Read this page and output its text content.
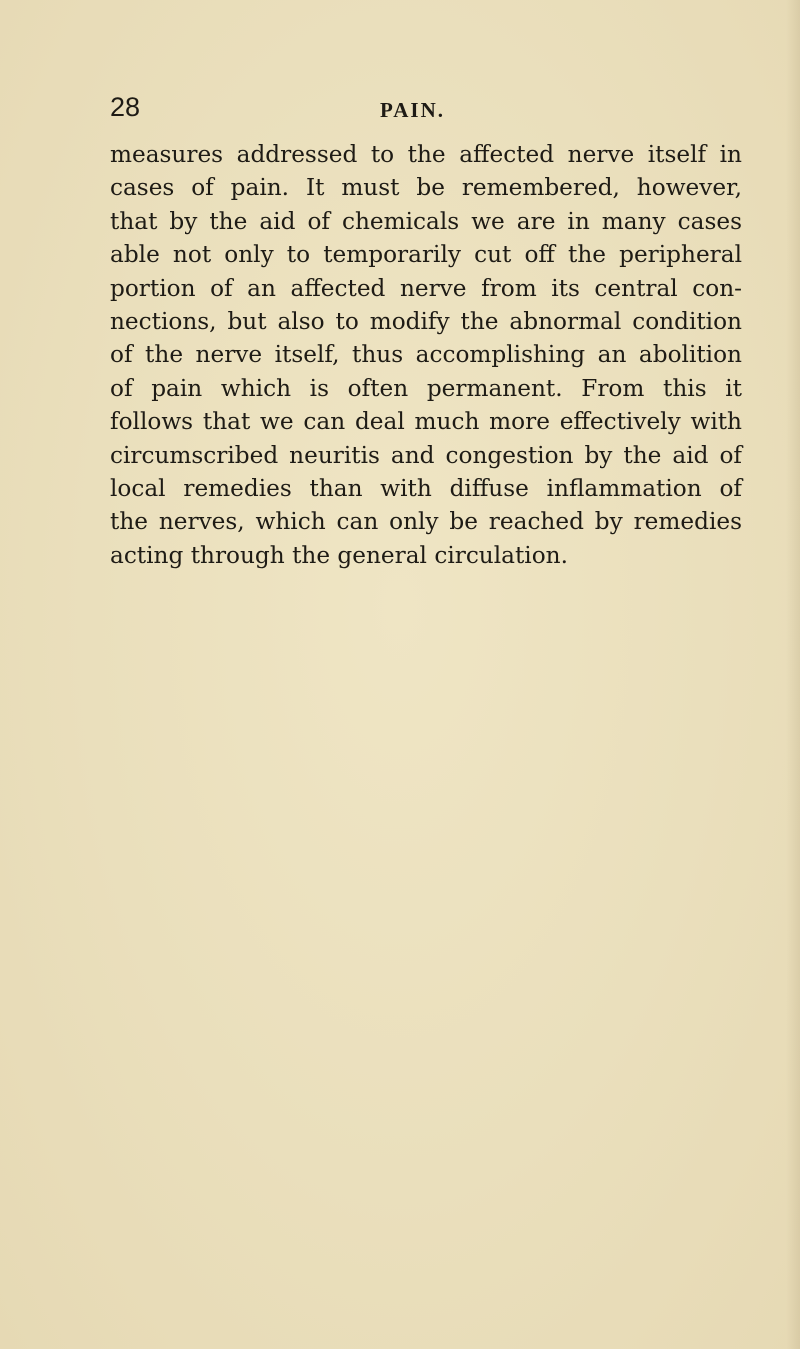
28	PAIN.
measures addressed to the affected nerve itself in
cases of pain. It must be remembered, however,
that by the aid of chemicals we are in many cases
able not only to temporarily cut off the peripheral
portion of an affected nerve from its central con-
nections, but also to modify the abnormal condition
of the nerve itself, thus accomplishing an abolition
of pain which is often permanent. From this it
follows that we can deal much more effectively with
circumscribed neuritis and congestion by the aid of
local remedies than with diffuse inflammation of
the nerves, which can only be reached by remedies
acting through the general circulation.
